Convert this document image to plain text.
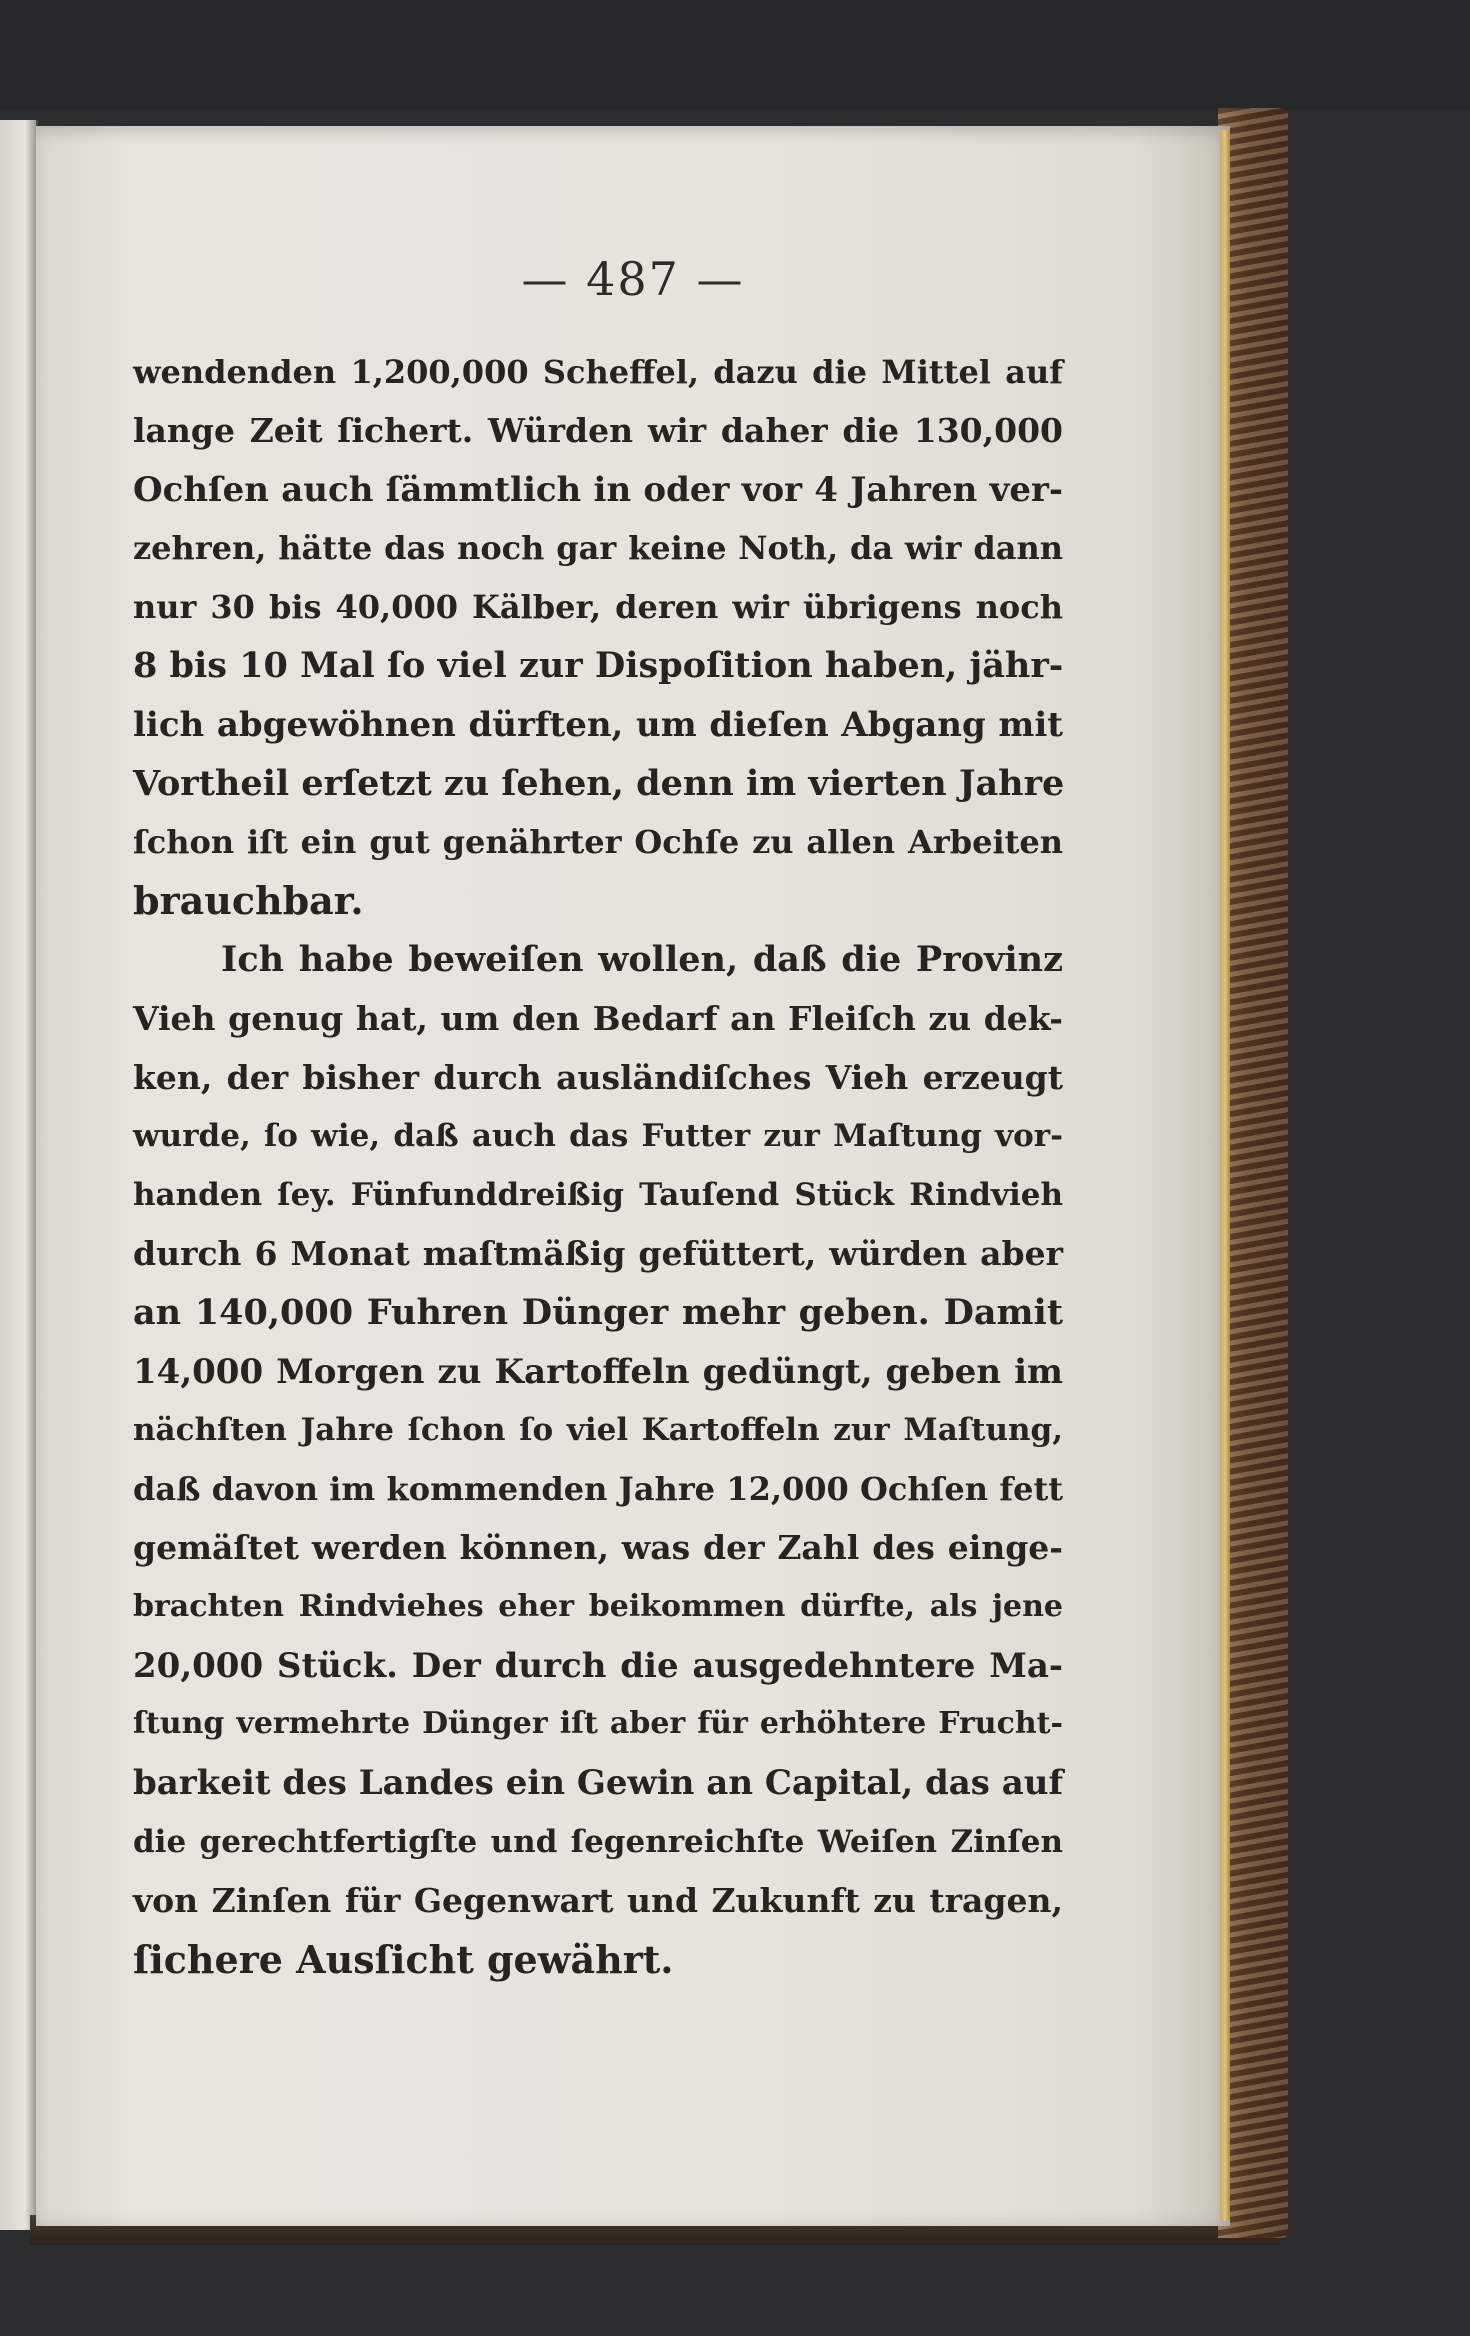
— 487 —
wendenden 1,200,000 Scheffel, dazu die Mittel auf
lange Zeit ſichert. Würden wir daher die 130,000
Ochſen auch ſämmtlich in oder vor 4 Jahren ver-
zehren, hätte das noch gar keine Noth, da wir dann
nur 30 bis 40,000 Kälber, deren wir übrigens noch
8 bis 10 Mal ſo viel zur Dispoſition haben, jähr-
lich abgewöhnen dürften, um dieſen Abgang mit
Vortheil erſetzt zu ſehen, denn im vierten Jahre
ſchon iſt ein gut genährter Ochſe zu allen Arbeiten
brauchbar.
Ich habe beweiſen wollen, daß die Provinz
Vieh genug hat, um den Bedarf an Fleiſch zu dek-
ken, der bisher durch ausländiſches Vieh erzeugt
wurde, ſo wie, daß auch das Futter zur Maſtung vor-
handen ſey. Fünfunddreißig Tauſend Stück Rindvieh
durch 6 Monat maſtmäßig gefüttert, würden aber
an 140,000 Fuhren Dünger mehr geben. Damit
14,000 Morgen zu Kartoffeln gedüngt, geben im
nächſten Jahre ſchon ſo viel Kartoffeln zur Maſtung,
daß davon im kommenden Jahre 12,000 Ochſen fett
gemäſtet werden können, was der Zahl des einge-
brachten Rindviehes eher beikommen dürfte, als jene
20,000 Stück. Der durch die ausgedehntere Ma-
ſtung vermehrte Dünger iſt aber für erhöhtere Frucht-
barkeit des Landes ein Gewin an Capital, das auf
die gerechtfertigſte und ſegenreichſte Weiſen Zinſen
von Zinſen für Gegenwart und Zukunft zu tragen,
ſichere Ausſicht gewährt.
